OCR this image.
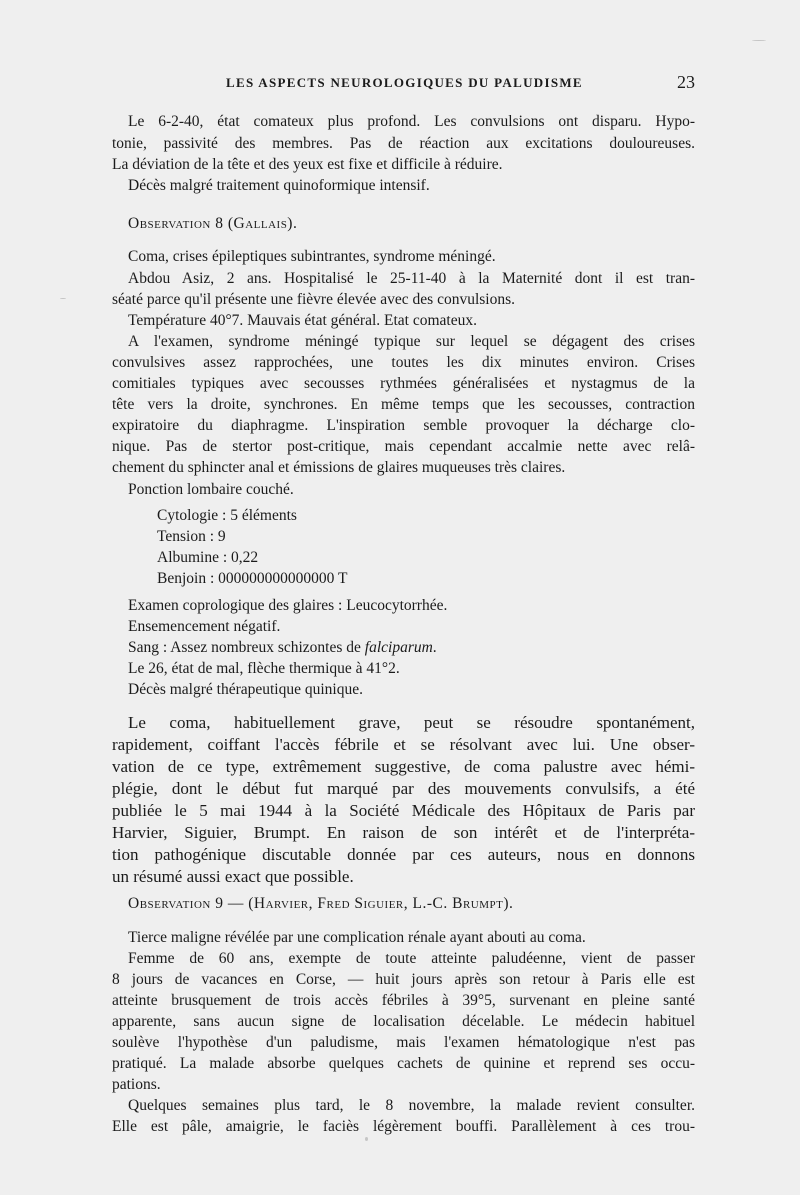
LES ASPECTS NEUROLOGIQUES DU PALUDISME	23
Le 6-2-40, état comateux plus profond. Les convulsions ont disparu. Hypo-
tonie, passivité des membres. Pas de réaction aux excitations douloureuses.
La déviation de la tête et des yeux est fixe et difficile à réduire.
Décès malgré traitement quinoformique intensif.
Observation 8 (Gallais).
Coma, crises épileptiques subintrantes, syndrome méningé.
Abdou Asiz, 2 ans. Hospitalisé le 25-11-40 à la Maternité dont il est tran-
séaté parce qu'il présente une fièvre élevée avec des convulsions.
Température 40°7. Mauvais état général. Etat comateux.
A l'examen, syndrome méningé typique sur lequel se dégagent des crises
convulsives assez rapprochées, une toutes les dix minutes environ. Crises
comitiales typiques avec secousses rythmées généralisées et nystagmus de la
tête vers la droite, synchrones. En même temps que les secousses, contraction
expiratoire du diaphragme. L'inspiration semble provoquer la décharge clo-
nique. Pas de stertor post-critique, mais cependant accalmie nette avec relâ-
chement du sphincter anal et émissions de glaires muqueuses très claires.
Ponction lombaire couché.
Cytologie : 5 éléments
Tension : 9
Albumine : 0,22
Benjoin : 000000000000000 T
Examen coprologique des glaires : Leucocytorrhée.
Ensemencement négatif.
Sang : Assez nombreux schizontes de falciparum.
Le 26, état de mal, flèche thermique à 41°2.
Décès malgré thérapeutique quinique.
Le coma, habituellement grave, peut se résoudre spontanément,
rapidement, coiffant l'accès fébrile et se résolvant avec lui. Une obser-
vation de ce type, extrêmement suggestive, de coma palustre avec hémi-
plégie, dont le début fut marqué par des mouvements convulsifs, a été
publiée le 5 mai 1944 à la Société Médicale des Hôpitaux de Paris par
Harvier, Siguier, Brumpt. En raison de son intérêt et de l'interpréta-
tion pathogénique discutable donnée par ces auteurs, nous en donnons
un résumé aussi exact que possible.
Observation 9 — (Harvier, Fred Siguier, L.-C. Brumpt).
Tierce maligne révélée par une complication rénale ayant abouti au coma.
Femme de 60 ans, exempte de toute atteinte paludéenne, vient de passer
8 jours de vacances en Corse, — huit jours après son retour à Paris elle est
atteinte brusquement de trois accès fébriles à 39°5, survenant en pleine santé
apparente, sans aucun signe de localisation décelable. Le médecin habituel
soulève l'hypothèse d'un paludisme, mais l'examen hématologique n'est pas
pratiqué. La malade absorbe quelques cachets de quinine et reprend ses occu-
pations.
Quelques semaines plus tard, le 8 novembre, la malade revient consulter.
Elle est pâle, amaigrie, le faciès légèrement bouffi. Parallèlement à ces trou-
